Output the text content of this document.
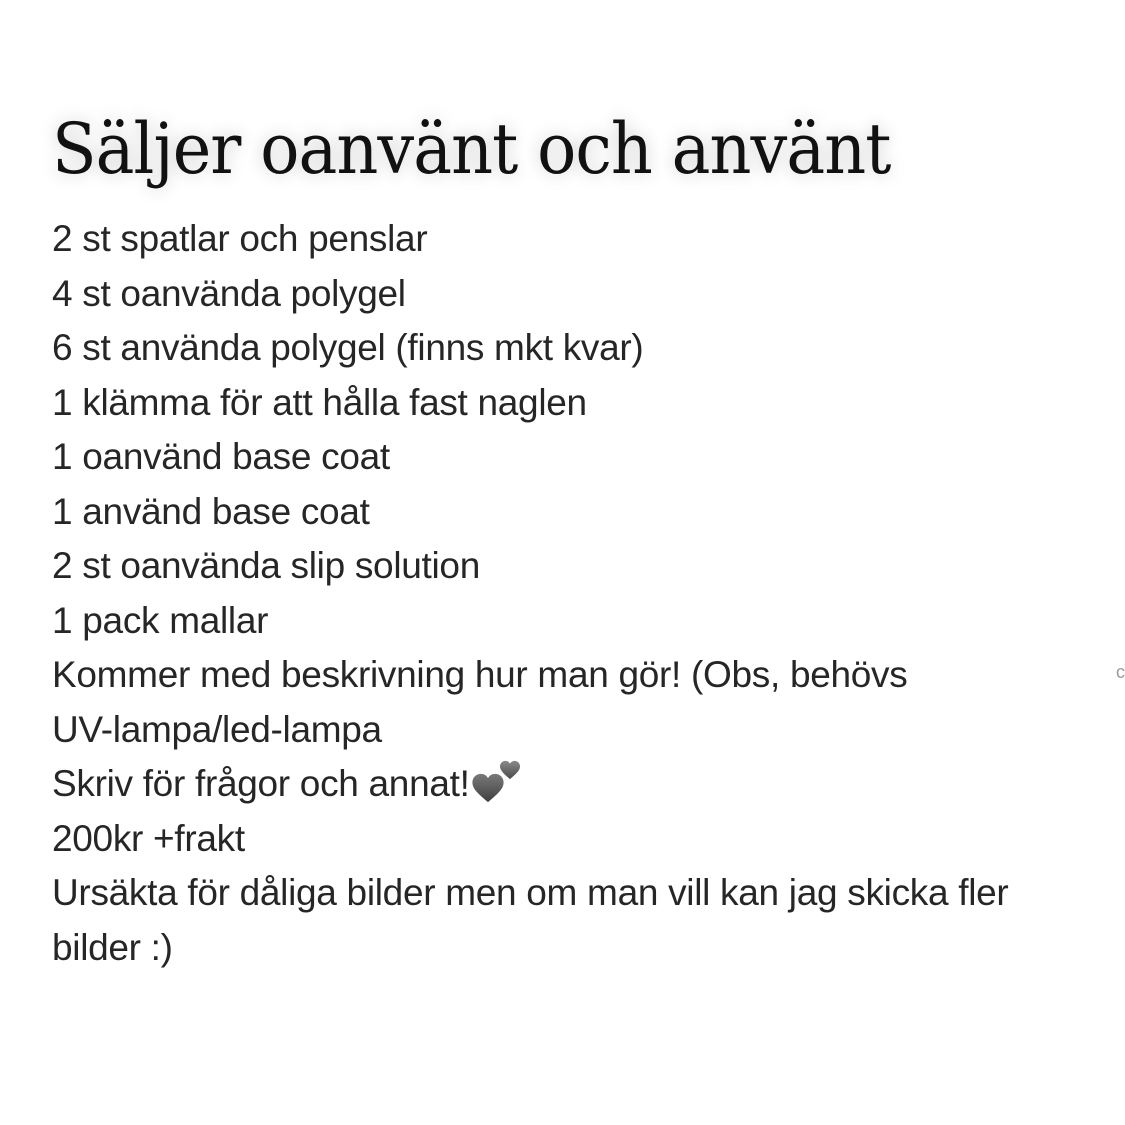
Säljer oanvänt och använt
2 st spatlar och penslar
4 st oanvända polygel
6 st använda polygel (finns mkt kvar)
1 klämma för att hålla fast naglen
1 oanvänd base coat
1 använd base coat
2 st oanvända slip solution
1 pack mallar
Kommer med beskrivning hur man gör! (Obs, behövs
UV-lampa/led-lampa
Skriv för frågor och annat!
200kr +frakt
Ursäkta för dåliga bilder men om man vill kan jag skicka fler
bilder :)
c
